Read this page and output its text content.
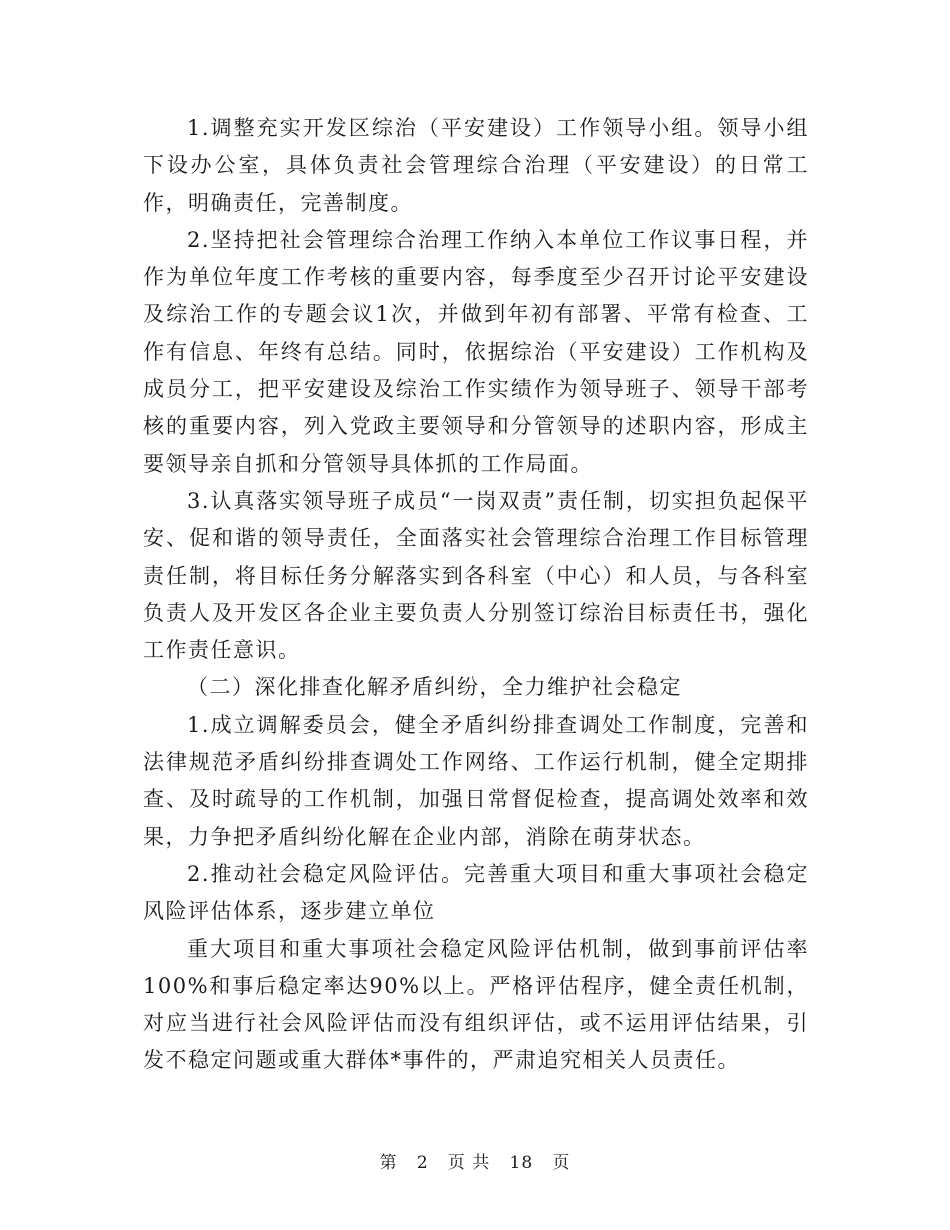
1.调整充实开发区综治（平安建设）工作领导小组。领导小组下设办公室，具体负责社会管理综合治理（平安建设）的日常工作，明确责任，完善制度。

2.坚持把社会管理综合治理工作纳入本单位工作议事日程，并作为单位年度工作考核的重要内容，每季度至少召开讨论平安建设及综治工作的专题会议1次，并做到年初有部署、平常有检查、工作有信息、年终有总结。同时，依据综治（平安建设）工作机构及成员分工，把平安建设及综治工作实绩作为领导班子、领导干部考核的重要内容，列入党政主要领导和分管领导的述职内容，形成主要领导亲自抓和分管领导具体抓的工作局面。

3.认真落实领导班子成员“一岗双责”责任制，切实担负起保平安、促和谐的领导责任，全面落实社会管理综合治理工作目标管理责任制，将目标任务分解落实到各科室（中心）和人员，与各科室负责人及开发区各企业主要负责人分别签订综治目标责任书，强化工作责任意识。

（二）深化排查化解矛盾纠纷，全力维护社会稳定

1.成立调解委员会，健全矛盾纠纷排查调处工作制度，完善和法律规范矛盾纠纷排查调处工作网络、工作运行机制，健全定期排查、及时疏导的工作机制，加强日常督促检查，提高调处效率和效果，力争把矛盾纠纷化解在企业内部，消除在萌芽状态。

2.推动社会稳定风险评估。完善重大项目和重大事项社会稳定风险评估体系，逐步建立单位

重大项目和重大事项社会稳定风险评估机制，做到事前评估率100%和事后稳定率达90%以上。严格评估程序，健全责任机制，对应当进行社会风险评估而没有组织评估，或不运用评估结果，引发不稳定问题或重大群体*事件的，严肃追究相关人员责任。

第 2 页 共 18 页
